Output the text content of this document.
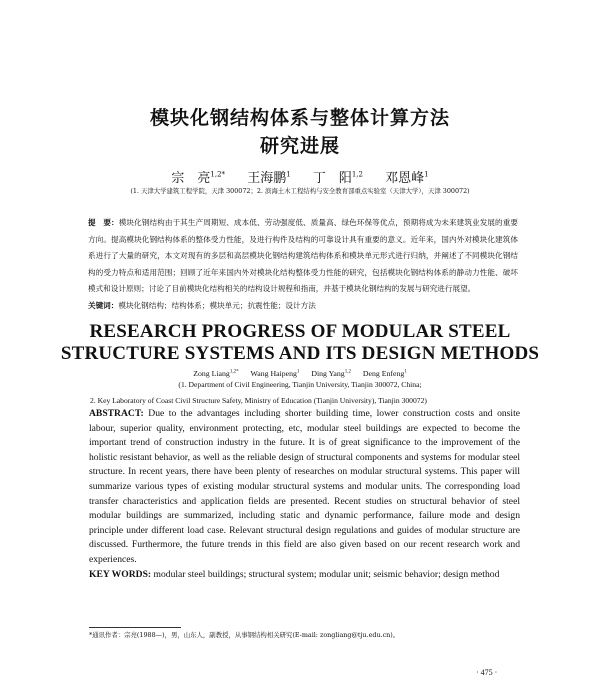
模块化钢结构体系与整体计算方法
研究进展
宗　亮$^{1,2*}$ 王海鹏$^1$ 丁　阳$^{1,2}$ 邓恩峰$^1$
(1. 天津大学建筑工程学院，天津 300072；2. 滨海土木工程结构与安全教育部重点实验室（天津大学），天津 300072)
提　要：模块化钢结构由于其生产周期短、成本低、劳动强度低、质量高、绿色环保等优点，预期将成为未来建筑业发展的重要方向。提高模块化钢结构体系的整体受力性能，及进行构件及结构的可靠设计具有重要的意义。近年来，国内外对模块化建筑体系进行了大量的研究，本文对现有的多层和高层模块化钢结构建筑结构体系和模块单元形式进行归纳，并阐述了不同模块化钢结构的受力特点和适用范围；回顾了近年来国内外对模块化结构整体受力性能的研究，包括模块化钢结构体系的静动力性能、破坏模式和设计原则；讨论了目前模块化结构相关的结构设计规程和指南，并基于模块化钢结构的发展与研究进行展望。
关键词：模块化钢结构；结构体系；模块单元；抗震性能；设计方法
RESEARCH PROGRESS OF MODULAR STEEL
STRUCTURE SYSTEMS AND ITS DESIGN METHODS
Zong Liang$^{1,2*}$ Wang Haipeng$^1$ Ding Yang$^{1,2}$ Deng Enfeng$^1$
(1. Department of Civil Engineering, Tianjin University, Tianjin 300072, China;
2. Key Laboratory of Coast Civil Structure Safety, Ministry of Education (Tianjin University), Tianjin 300072)
ABSTRACT: Due to the advantages including shorter building time, lower construction costs and onsite labour, superior quality, environment protecting, etc, modular steel buildings are expected to become the important trend of construction industry in the future. It is of great significance to the improvement of the holistic resistant behavior, as well as the reliable design of structural components and systems for modular steel structure. In recent years, there have been plenty of researches on modular structural systems. This paper will summarize various types of existing modular structural systems and modular units. The corresponding load transfer characteristics and application fields are presented. Recent studies on structural behavior of steel modular buildings are summarized, including static and dynamic performance, failure mode and design principle under different load case. Relevant structural design regulations and guides of modular structure are discussed. Furthermore, the future trends in this field are also given based on our recent research work and experiences.
KEY WORDS: modular steel buildings; structural system; modular unit; seismic behavior; design method
*通讯作者：宗亮(1988—)，男，山东人，副教授，从事钢结构相关研究(E-mail: zongliang@tju.edu.cn)。
· 475 ·
